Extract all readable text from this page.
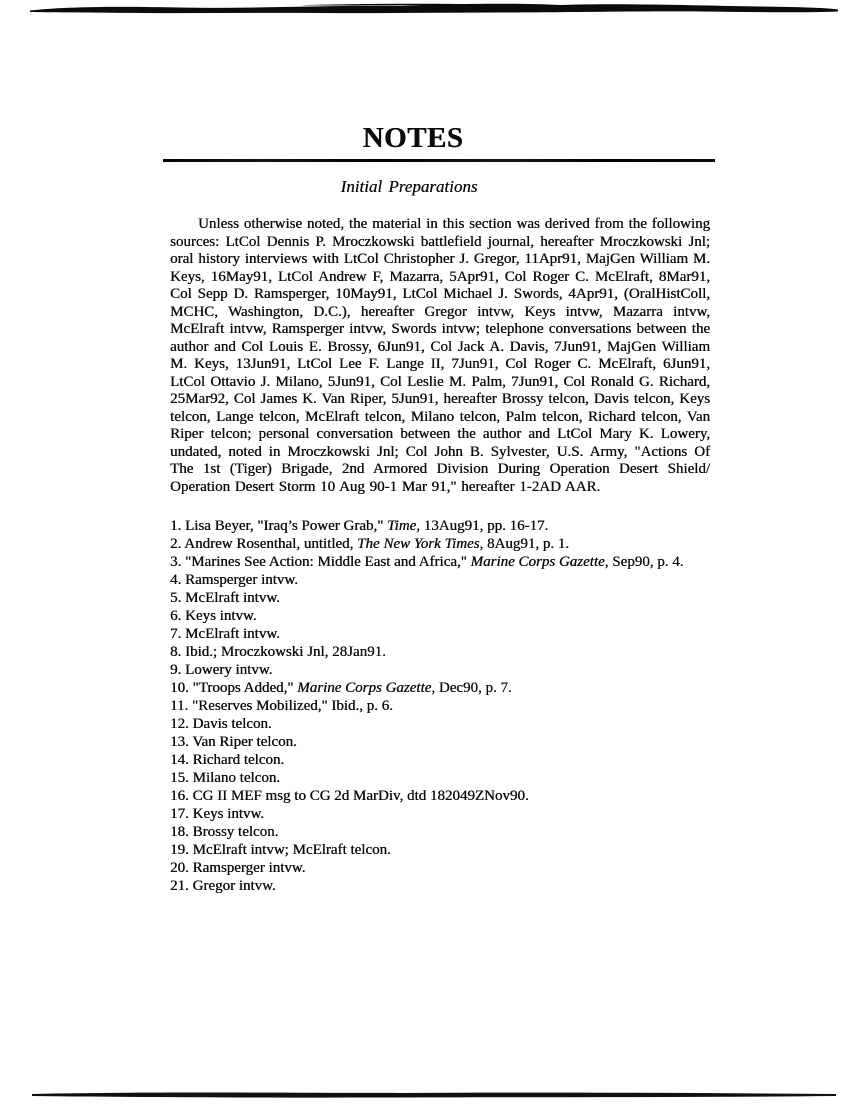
NOTES
Initial Preparations

Unless otherwise noted, the material in this section was derived from the following sources: LtCol Dennis P. Mroczkowski battlefield journal, hereafter Mroczkowski Jnl; oral history interviews with LtCol Christopher J. Gregor, 11Apr91, MajGen William M. Keys, 16May91, LtCol Andrew F, Mazarra, 5Apr91, Col Roger C. McElraft, 8Mar91, Col Sepp D. Ramsperger, 10May91, LtCol Michael J. Swords, 4Apr91, (OralHistColl, MCHC, Washington, D.C.), hereafter Gregor intvw, Keys intvw, Mazarra intvw, McElraft intvw, Ramsperger intvw, Swords intvw; telephone conversations between the author and Col Louis E. Brossy, 6Jun91, Col Jack A. Davis, 7Jun91, MajGen William M. Keys, 13Jun91, LtCol Lee F. Lange II, 7Jun91, Col Roger C. McElraft, 6Jun91, LtCol Ottavio J. Milano, 5Jun91, Col Leslie M. Palm, 7Jun91, Col Ronald G. Richard, 25Mar92, Col James K. Van Riper, 5Jun91, hereafter Brossy telcon, Davis telcon, Keys telcon, Lange telcon, McElraft telcon, Milano telcon, Palm telcon, Richard telcon, Van Riper telcon; personal conversation between the author and LtCol Mary K. Lowery, undated, noted in Mroczkowski Jnl; Col John B. Sylvester, U.S. Army, "Actions Of The 1st (Tiger) Brigade, 2nd Armored Division During Operation Desert Shield/ Operation Desert Storm 10 Aug 90-1 Mar 91," hereafter 1-2AD AAR.

1. Lisa Beyer, "Iraq’s Power Grab," Time, 13Aug91, pp. 16-17.
2. Andrew Rosenthal, untitled, The New York Times, 8Aug91, p. 1.
3. "Marines See Action: Middle East and Africa," Marine Corps Gazette, Sep90, p. 4.
4. Ramsperger intvw.
5. McElraft intvw.
6. Keys intvw.
7. McElraft intvw.
8. Ibid.; Mroczkowski Jnl, 28Jan91.
9. Lowery intvw.
10. "Troops Added," Marine Corps Gazette, Dec90, p. 7.
11. "Reserves Mobilized," Ibid., p. 6.
12. Davis telcon.
13. Van Riper telcon.
14. Richard telcon.
15. Milano telcon.
16. CG II MEF msg to CG 2d MarDiv, dtd 182049ZNov90.
17. Keys intvw.
18. Brossy telcon.
19. McElraft intvw; McElraft telcon.
20. Ramsperger intvw.
21. Gregor intvw.
